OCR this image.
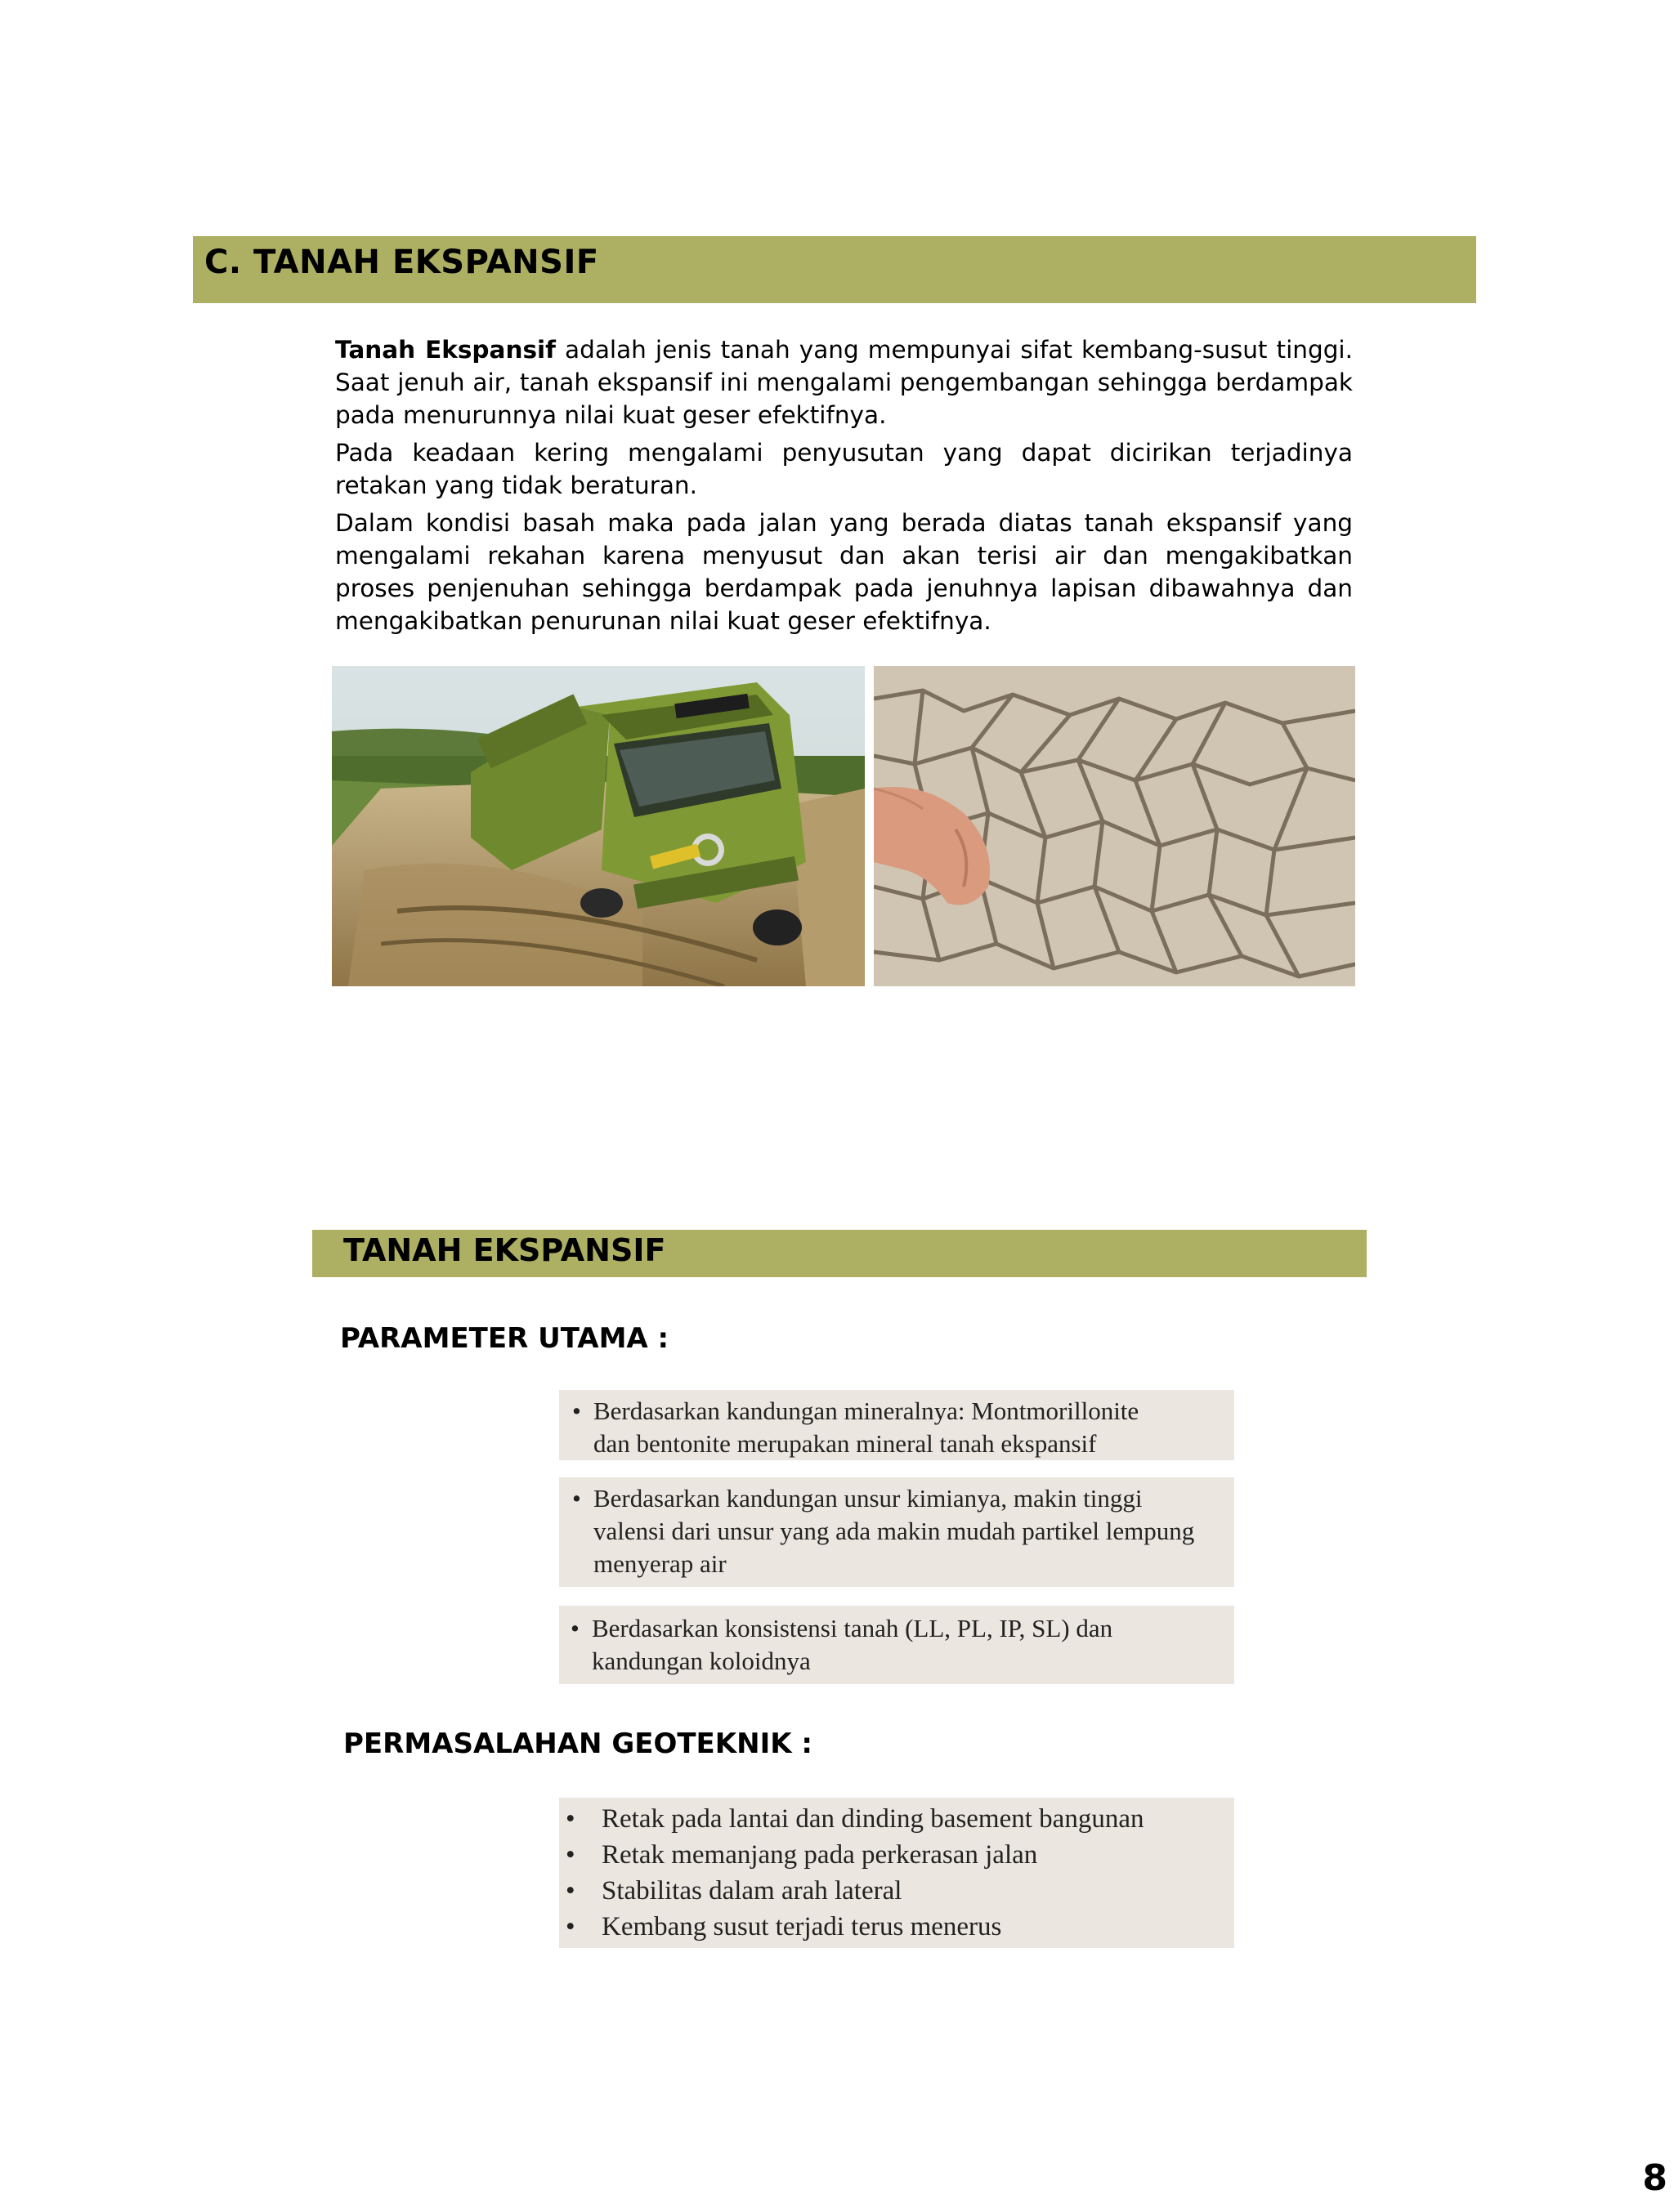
C. TANAH EKSPANSIF

Tanah Ekspansif adalah jenis tanah yang mempunyai sifat kembang-susut tinggi. Saat jenuh air, tanah ekspansif ini mengalami pengembangan sehingga berdampak pada menurunnya nilai kuat geser efektifnya.

Pada keadaan kering mengalami penyusutan yang dapat dicirikan terjadinya retakan yang tidak beraturan.

Dalam kondisi basah maka pada jalan yang berada diatas tanah ekspansif yang mengalami rekahan karena menyusut dan akan terisi air dan mengakibatkan proses penjenuhan sehingga berdampak pada jenuhnya lapisan dibawahnya dan mengakibatkan penurunan nilai kuat geser efektifnya.

TANAH EKSPANSIF
PARAMETER UTAMA :
• Berdasarkan kandungan mineralnya: Montmorillonite
dan bentonite merupakan mineral tanah ekspansif
• Berdasarkan kandungan unsur kimianya, makin tinggi
valensi dari unsur yang ada makin mudah partikel lempung
menyerap air
• Berdasarkan konsistensi tanah (LL, PL, IP, SL) dan
kandungan koloidnya
PERMASALAHAN GEOTEKNIK :
• Retak pada lantai dan dinding basement bangunan
• Retak memanjang pada perkerasan jalan
• Stabilitas dalam arah lateral
• Kembang susut terjadi terus menerus
8
